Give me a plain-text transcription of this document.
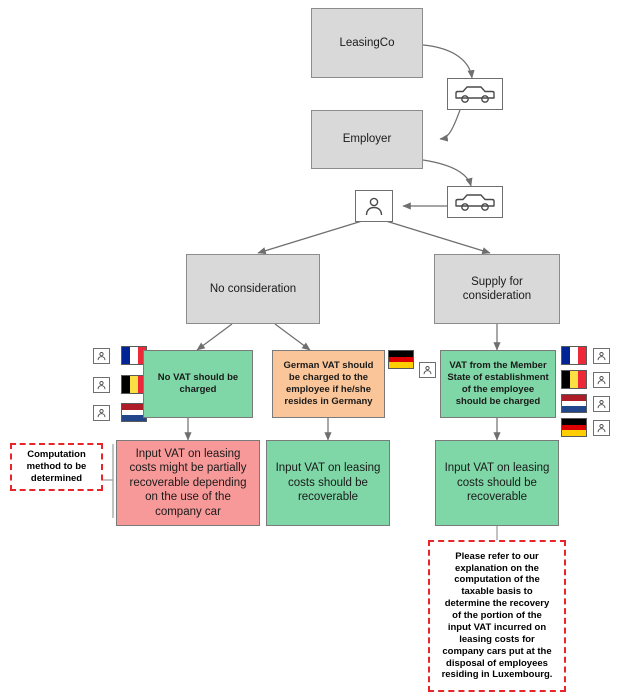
LeasingCo
Employer
No consideration
Supply for consideration
No VAT should be charged
German VAT should be charged to the employee if he/she resides in Germany
VAT from the Member State of establishment of the employee should be charged
Input VAT on leasing costs might be partially recoverable depending on the use of the company car
Input VAT on leasing costs should be recoverable
Input VAT on leasing costs should be recoverable
Computation method to be determined
Please refer to our explanation on the computation of the taxable basis to determine the recovery of the portion of the input VAT incurred on leasing costs for company cars put at the disposal of employees residing in Luxembourg.
